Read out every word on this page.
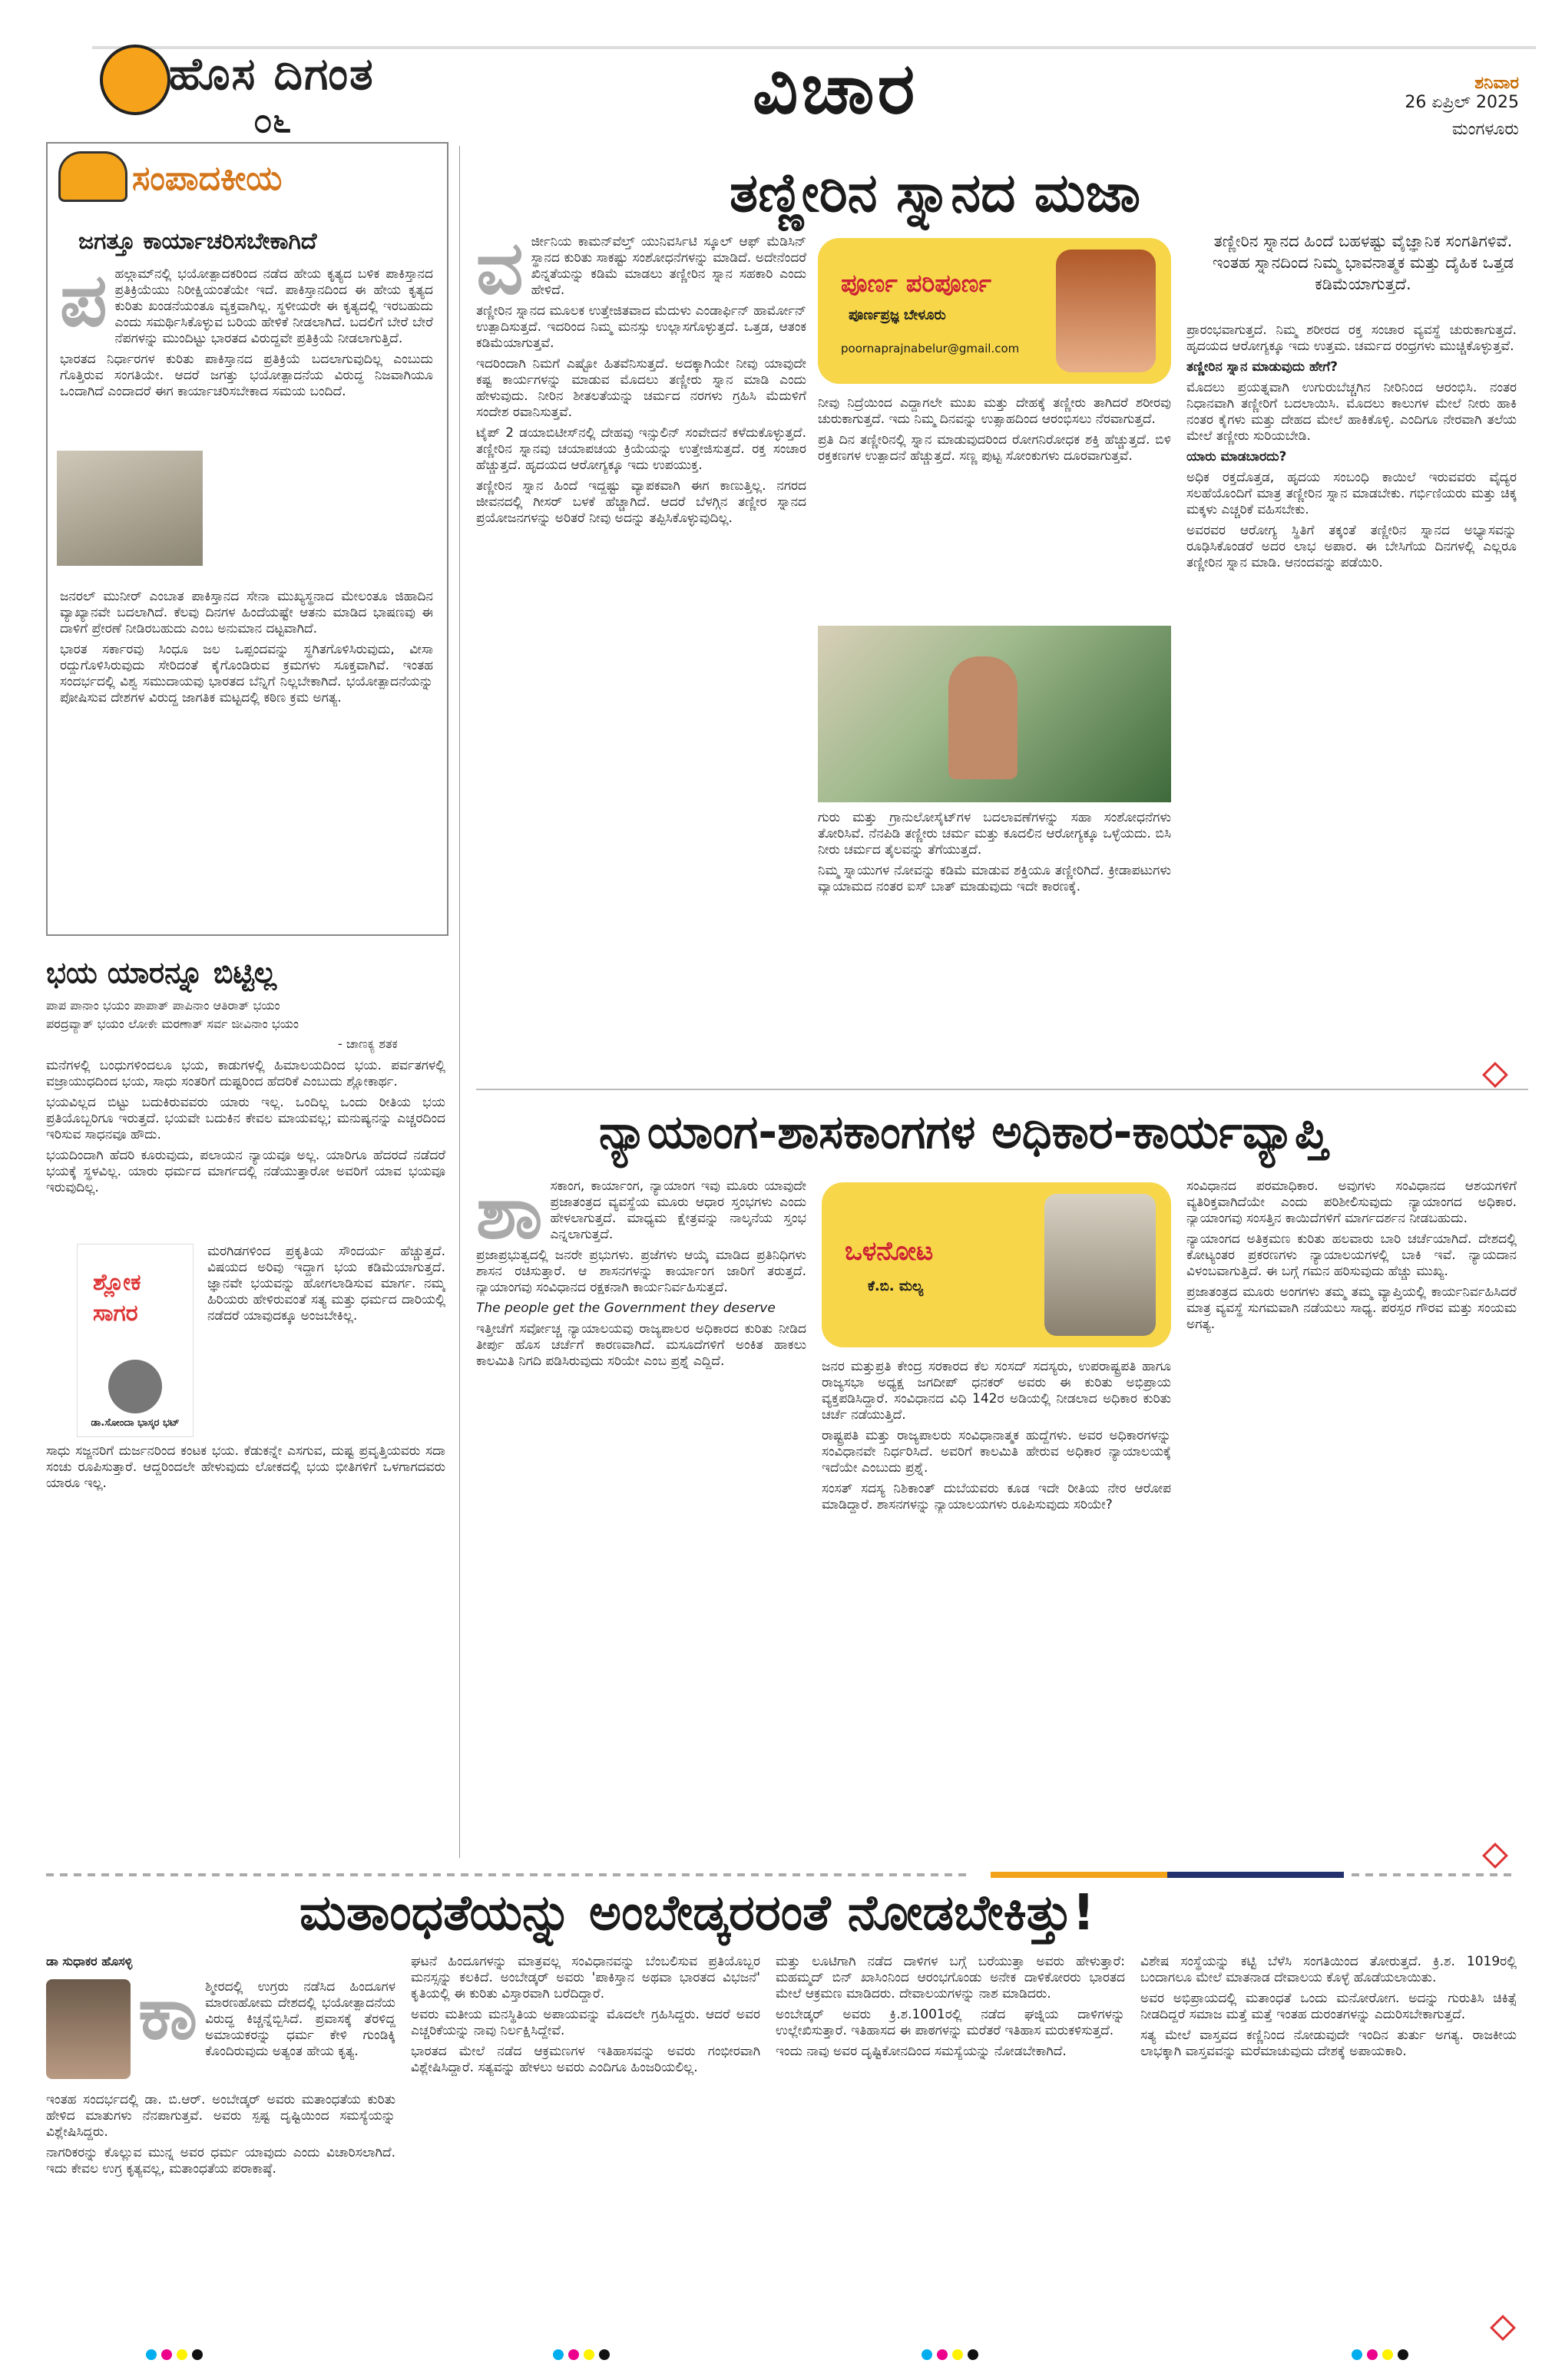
ಹೊಸ ದಿಗಂತ
೦೬	ವಿಚಾರ	ಶನಿವಾರ
26 ಏಪ್ರಿಲ್ 2025
ಮಂಗಳೂರು
ಸಂಪಾದಕೀಯ
ಜಗತ್ತೂ ಕಾರ್ಯಾಚರಿಸಬೇಕಾಗಿದೆ
ಪ ಹಲ್ಗಾಮ್‌ನಲ್ಲಿ ಭಯೋತ್ಪಾದಕರಿಂದ ನಡೆದ ಹೇಯ ಕೃತ್ಯದ ಬಳಿಕ ಪಾಕಿಸ್ತಾನದ ಪ್ರತಿಕ್ರಿಯೆಯು ನಿರೀಕ್ಷಿಯಂತೆಯೇ ಇದೆ. ಪಾಕಿಸ್ತಾನದಿಂದ ಈ ಹೇಯ ಕೃತ್ಯದ ಕುರಿತು ಖಂಡನೆಯಂತೂ ವ್ಯಕ್ತವಾಗಿಲ್ಲ. ಸ್ಥಳೀಯರೇ ಈ ಕೃತ್ಯದಲ್ಲಿ ಇರಬಹುದು ಎಂದು ಸಮರ್ಥಿಸಿಕೊಳ್ಳುವ ಬರಿಯ ಹೇಳಿಕೆ ನೀಡಲಾಗಿದೆ. ಬದಲಿಗೆ ಬೇರೆ ಬೇರೆ ನೆಪಗಳನ್ನು ಮುಂದಿಟ್ಟು ಭಾರತದ ವಿರುದ್ಧವೇ ಪ್ರತಿಕ್ರಿಯೆ ನೀಡಲಾಗುತ್ತಿದೆ.

ಭಾರತದ ನಿರ್ಧಾರಗಳ ಕುರಿತು ಪಾಕಿಸ್ತಾನದ ಪ್ರತಿಕ್ರಿಯೆ ಬದಲಾಗುವುದಿಲ್ಲ ಎಂಬುದು ಗೊತ್ತಿರುವ ಸಂಗತಿಯೇ. ಆದರೆ ಜಗತ್ತು ಭಯೋತ್ಪಾದನೆಯ ವಿರುದ್ಧ ನಿಜವಾಗಿಯೂ ಒಂದಾಗಿದೆ ಎಂದಾದರೆ ಈಗ ಕಾರ್ಯಾಚರಿಸಬೇಕಾದ ಸಮಯ ಬಂದಿದೆ.

ಜನರಲ್ ಮುನೀರ್ ಎಂಬಾತ ಪಾಕಿಸ್ತಾನದ ಸೇನಾ ಮುಖ್ಯಸ್ಥನಾದ ಮೇಲಂತೂ ಜಿಹಾದಿನ ವ್ಯಾಖ್ಯಾನವೇ ಬದಲಾಗಿದೆ. ಕೆಲವು ದಿನಗಳ ಹಿಂದೆಯಷ್ಟೇ ಆತನು ಮಾಡಿದ ಭಾಷಣವು ಈ ದಾಳಿಗೆ ಪ್ರೇರಣೆ ನೀಡಿರಬಹುದು ಎಂಬ ಅನುಮಾನ ದಟ್ಟವಾಗಿದೆ.

ಭಾರತ ಸರ್ಕಾರವು ಸಿಂಧೂ ಜಲ ಒಪ್ಪಂದವನ್ನು ಸ್ಥಗಿತಗೊಳಿಸಿರುವುದು, ವೀಸಾ ರದ್ದುಗೊಳಿಸಿರುವುದು ಸೇರಿದಂತೆ ಕೈಗೊಂಡಿರುವ ಕ್ರಮಗಳು ಸೂಕ್ತವಾಗಿವೆ. ಇಂತಹ ಸಂದರ್ಭದಲ್ಲಿ ವಿಶ್ವ ಸಮುದಾಯವು ಭಾರತದ ಬೆನ್ನಿಗೆ ನಿಲ್ಲಬೇಕಾಗಿದೆ. ಭಯೋತ್ಪಾದನೆಯನ್ನು ಪೋಷಿಸುವ ದೇಶಗಳ ವಿರುದ್ಧ ಜಾಗತಿಕ ಮಟ್ಟದಲ್ಲಿ ಕಠಿಣ ಕ್ರಮ ಅಗತ್ಯ.

ಭಯ ಯಾರನ್ನೂ ಬಿಟ್ಟಿಲ್ಲ
ಪಾಪ ಪಾನಾಂ ಭಯಂ ಪಾಪಾತ್ ಪಾಪಿನಾಂ ಆತಿರಾತ್ ಭಯಂ
ಪರದ್ರವ್ಯಾತ್ ಭಯಂ ಲೋಕೇ ಮರಣಾತ್ ಸರ್ವ ಜೀವಿನಾಂ ಭಯಂ
- ಚಾಣಕ್ಯ ಶತಕ

ಮನೆಗಳಲ್ಲಿ ಬಂಧುಗಳಿಂದಲೂ ಭಯ, ಕಾಡುಗಳಲ್ಲಿ ಹಿಮಾಲಯದಿಂದ ಭಯ. ಪರ್ವತಗಳಲ್ಲಿ ವಜ್ರಾಯುಧದಿಂದ ಭಯ, ಸಾಧು ಸಂತರಿಗೆ ದುಷ್ಟರಿಂದ ಹೆದರಿಕೆ ಎಂಬುದು ಶ್ಲೋಕಾರ್ಥ.

ಭಯವಿಲ್ಲದ ಬಿಟ್ಟು ಬದುಕಿರುವವರು ಯಾರು ಇಲ್ಲ. ಒಂದಿಲ್ಲ ಒಂದು ರೀತಿಯ ಭಯ ಪ್ರತಿಯೊಬ್ಬರಿಗೂ ಇರುತ್ತದೆ. ಭಯವೇ ಬದುಕಿನ ಕೇವಲ ಮಾಯವಲ್ಲ; ಮನುಷ್ಯನನ್ನು ಎಚ್ಚರದಿಂದ ಇರಿಸುವ ಸಾಧನವೂ ಹೌದು.

ಭಯದಿಂದಾಗಿ ಹೆದರಿ ಕೂರುವುದು, ಪಲಾಯನ ನ್ಯಾಯವೂ ಅಲ್ಲ. ಯಾರಿಗೂ ಹೆದರದೆ ನಡೆದರೆ ಭಯಕ್ಕೆ ಸ್ಥಳವಿಲ್ಲ. ಯಾರು ಧರ್ಮದ ಮಾರ್ಗದಲ್ಲಿ ನಡೆಯುತ್ತಾರೋ ಅವರಿಗೆ ಯಾವ ಭಯವೂ ಇರುವುದಿಲ್ಲ.

ಶ್ಲೋಕ ಸಾಗರ
ಡಾ.ಸೋಂದಾ ಭಾಸ್ಕರ ಭಟ್

ಮರಗಿಡಗಳಿಂದ ಪ್ರಕೃತಿಯ ಸೌಂದರ್ಯ ಹೆಚ್ಚುತ್ತದೆ. ವಿಷಯದ ಅರಿವು ಇದ್ದಾಗ ಭಯ ಕಡಿಮೆಯಾಗುತ್ತದೆ. ಜ್ಞಾನವೇ ಭಯವನ್ನು ಹೋಗಲಾಡಿಸುವ ಮಾರ್ಗ. ನಮ್ಮ ಹಿರಿಯರು ಹೇಳಿರುವಂತೆ ಸತ್ಯ ಮತ್ತು ಧರ್ಮದ ದಾರಿಯಲ್ಲಿ ನಡೆದರೆ ಯಾವುದಕ್ಕೂ ಅಂಜಬೇಕಿಲ್ಲ.

ಸಾಧು ಸಜ್ಜನರಿಗೆ ದುರ್ಜನರಿಂದ ಕಂಟಕ ಭಯ. ಕೆಡುಕನ್ನೇ ಎಸಗುವ, ದುಷ್ಟ ಪ್ರವೃತ್ತಿಯವರು ಸದಾ ಸಂಚು ರೂಪಿಸುತ್ತಾರೆ. ಆದ್ದರಿಂದಲೇ ಹೇಳುವುದು ಲೋಕದಲ್ಲಿ ಭಯ ಭೀತಿಗಳಿಗೆ ಒಳಗಾಗದವರು ಯಾರೂ ಇಲ್ಲ.

ತಣ್ಣೀರಿನ ಸ್ನಾನದ ಮಜಾ
ವ ರ್ಜೀನಿಯ ಕಾಮನ್‌ವೆಲ್ತ್ ಯುನಿವರ್ಸಿಟಿ ಸ್ಕೂಲ್ ಆಫ್ ಮೆಡಿಸಿನ್ ಸ್ಥಾನದ ಕುರಿತು ಸಾಕಷ್ಟು ಸಂಶೋಧನೆಗಳನ್ನು ಮಾಡಿದೆ. ಅದೇನೆಂದರೆ ಖಿನ್ನತೆಯನ್ನು ಕಡಿಮೆ ಮಾಡಲು ತಣ್ಣೀರಿನ ಸ್ನಾನ ಸಹಕಾರಿ ಎಂದು ಹೇಳಿದೆ.

ತಣ್ಣೀರಿನ ಸ್ನಾನದ ಮೂಲಕ ಉತ್ತೇಜಿತವಾದ ಮೆದುಳು ಎಂಡಾರ್ಫಿನ್ ಹಾರ್ಮೋನ್ ಉತ್ಪಾದಿಸುತ್ತದೆ. ಇದರಿಂದ ನಿಮ್ಮ ಮನಸ್ಸು ಉಲ್ಲಾಸಗೊಳ್ಳುತ್ತದೆ. ಒತ್ತಡ, ಆತಂಕ ಕಡಿಮೆಯಾಗುತ್ತವೆ.

ಇದರಿಂದಾಗಿ ನಿಮಗೆ ಎಷ್ಟೋ ಹಿತವೆನಿಸುತ್ತದೆ. ಅದಕ್ಕಾಗಿಯೇ ನೀವು ಯಾವುದೇ ಕಷ್ಟ ಕಾರ್ಯಗಳನ್ನು ಮಾಡುವ ಮೊದಲು ತಣ್ಣೀರು ಸ್ನಾನ ಮಾಡಿ ಎಂದು ಹೇಳುವುದು. ನೀರಿನ ಶೀತಲತೆಯನ್ನು ಚರ್ಮದ ನರಗಳು ಗ್ರಹಿಸಿ ಮೆದುಳಿಗೆ ಸಂದೇಶ ರವಾನಿಸುತ್ತವೆ.

ಟೈಪ್ 2 ಡಯಾಬಿಟೀಸ್‌ನಲ್ಲಿ ದೇಹವು ಇನ್ಸುಲಿನ್ ಸಂವೇದನೆ ಕಳೆದುಕೊಳ್ಳುತ್ತದೆ. ತಣ್ಣೀರಿನ ಸ್ನಾನವು ಚಯಾಪಚಯ ಕ್ರಿಯೆಯನ್ನು ಉತ್ತೇಜಿಸುತ್ತದೆ. ರಕ್ತ ಸಂಚಾರ ಹೆಚ್ಚುತ್ತದೆ. ಹೃದಯದ ಆರೋಗ್ಯಕ್ಕೂ ಇದು ಉಪಯುಕ್ತ.

ತಣ್ಣೀರಿನ ಸ್ನಾನ ಹಿಂದೆ ಇದ್ದಷ್ಟು ವ್ಯಾಪಕವಾಗಿ ಈಗ ಕಾಣುತ್ತಿಲ್ಲ. ನಗರದ ಜೀವನದಲ್ಲಿ ಗೀಸರ್ ಬಳಕೆ ಹೆಚ್ಚಾಗಿದೆ. ಆದರೆ ಬೆಳಗ್ಗಿನ ತಣ್ಣೀರ ಸ್ನಾನದ ಪ್ರಯೋಜನಗಳನ್ನು ಅರಿತರೆ ನೀವು ಅದನ್ನು ತಪ್ಪಿಸಿಕೊಳ್ಳುವುದಿಲ್ಲ.

ಪೂರ್ಣ ಪರಿಪೂರ್ಣ
ಪೂರ್ಣಪ್ರಜ್ಞ ಬೇಳೂರು
poornaprajnabelur@gmail.com
ತಣ್ಣೀರಿನ ಸ್ನಾನದ ಹಿಂದೆ ಬಹಳಷ್ಟು ವೈಜ್ಞಾನಿಕ ಸಂಗತಿಗಳಿವೆ. ಇಂತಹ ಸ್ನಾನದಿಂದ ನಿಮ್ಮ ಭಾವನಾತ್ಮಕ ಮತ್ತು ದೈಹಿಕ ಒತ್ತಡ ಕಡಿಮೆಯಾಗುತ್ತದೆ.

ನೀವು ನಿದ್ರೆಯಿಂದ ಎದ್ದಾಗಲೇ ಮುಖ ಮತ್ತು ದೇಹಕ್ಕೆ ತಣ್ಣೀರು ತಾಗಿದರೆ ಶರೀರವು ಚುರುಕಾಗುತ್ತದೆ. ಇದು ನಿಮ್ಮ ದಿನವನ್ನು ಉತ್ಸಾಹದಿಂದ ಆರಂಭಿಸಲು ನೆರವಾಗುತ್ತದೆ.

ಪ್ರತಿ ದಿನ ತಣ್ಣೀರಿನಲ್ಲಿ ಸ್ನಾನ ಮಾಡುವುದರಿಂದ ರೋಗನಿರೋಧಕ ಶಕ್ತಿ ಹೆಚ್ಚುತ್ತದೆ. ಬಿಳಿ ರಕ್ತಕಣಗಳ ಉತ್ಪಾದನೆ ಹೆಚ್ಚುತ್ತದೆ. ಸಣ್ಣ ಪುಟ್ಟ ಸೋಂಕುಗಳು ದೂರವಾಗುತ್ತವೆ.

ಗುರು ಮತ್ತು ಗ್ರಾನುಲೋಸೈಟ್‌ಗಳ ಬದಲಾವಣೆಗಳನ್ನು ಸಹಾ ಸಂಶೋಧನೆಗಳು ತೋರಿಸಿವೆ. ನೆನಪಿಡಿ ತಣ್ಣೀರು ಚರ್ಮ ಮತ್ತು ಕೂದಲಿನ ಆರೋಗ್ಯಕ್ಕೂ ಒಳ್ಳೆಯದು. ಬಿಸಿ ನೀರು ಚರ್ಮದ ತೈಲವನ್ನು ತೆಗೆಯುತ್ತದೆ.

ನಿಮ್ಮ ಸ್ನಾಯುಗಳ ನೋವನ್ನು ಕಡಿಮೆ ಮಾಡುವ ಶಕ್ತಿಯೂ ತಣ್ಣೀರಿಗಿದೆ. ಕ್ರೀಡಾಪಟುಗಳು ವ್ಯಾಯಾಮದ ನಂತರ ಐಸ್ ಬಾತ್ ಮಾಡುವುದು ಇದೇ ಕಾರಣಕ್ಕೆ.

ಪ್ರಾರಂಭವಾಗುತ್ತದೆ. ನಿಮ್ಮ ಶರೀರದ ರಕ್ತ ಸಂಚಾರ ವ್ಯವಸ್ಥೆ ಚುರುಕಾಗುತ್ತದೆ. ಹೃದಯದ ಆರೋಗ್ಯಕ್ಕೂ ಇದು ಉತ್ತಮ. ಚರ್ಮದ ರಂಧ್ರಗಳು ಮುಚ್ಚಿಕೊಳ್ಳುತ್ತವೆ.

ತಣ್ಣೀರಿನ ಸ್ನಾನ ಮಾಡುವುದು ಹೇಗೆ?

ಮೊದಲು ಪ್ರಯತ್ನವಾಗಿ ಉಗುರುಬೆಚ್ಚಗಿನ ನೀರಿನಿಂದ ಆರಂಭಿಸಿ. ನಂತರ ನಿಧಾನವಾಗಿ ತಣ್ಣೀರಿಗೆ ಬದಲಾಯಿಸಿ. ಮೊದಲು ಕಾಲುಗಳ ಮೇಲೆ ನೀರು ಹಾಕಿ ನಂತರ ಕೈಗಳು ಮತ್ತು ದೇಹದ ಮೇಲೆ ಹಾಕಿಕೊಳ್ಳಿ. ಎಂದಿಗೂ ನೇರವಾಗಿ ತಲೆಯ ಮೇಲೆ ತಣ್ಣೀರು ಸುರಿಯಬೇಡಿ.

ಯಾರು ಮಾಡಬಾರದು?

ಅಧಿಕ ರಕ್ತದೊತ್ತಡ, ಹೃದಯ ಸಂಬಂಧಿ ಕಾಯಿಲೆ ಇರುವವರು ವೈದ್ಯರ ಸಲಹೆಯೊಂದಿಗೆ ಮಾತ್ರ ತಣ್ಣೀರಿನ ಸ್ನಾನ ಮಾಡಬೇಕು. ಗರ್ಭಿಣಿಯರು ಮತ್ತು ಚಿಕ್ಕ ಮಕ್ಕಳು ಎಚ್ಚರಿಕೆ ವಹಿಸಬೇಕು.

ಅವರವರ ಆರೋಗ್ಯ ಸ್ಥಿತಿಗೆ ತಕ್ಕಂತೆ ತಣ್ಣೀರಿನ ಸ್ನಾನದ ಅಭ್ಯಾಸವನ್ನು ರೂಢಿಸಿಕೊಂಡರೆ ಅದರ ಲಾಭ ಅಪಾರ. ಈ ಬೇಸಿಗೆಯ ದಿನಗಳಲ್ಲಿ ಎಲ್ಲರೂ ತಣ್ಣೀರಿನ ಸ್ನಾನ ಮಾಡಿ. ಆನಂದವನ್ನು ಪಡೆಯಿರಿ.

ನ್ಯಾಯಾಂಗ-ಶಾಸಕಾಂಗಗಳ ಅಧಿಕಾರ-ಕಾರ್ಯವ್ಯಾಪ್ತಿ
ಶಾ ಸಕಾಂಗ, ಕಾರ್ಯಾಂಗ, ನ್ಯಾಯಾಂಗ ಇವು ಮೂರು ಯಾವುದೇ ಪ್ರಜಾತಂತ್ರದ ವ್ಯವಸ್ಥೆಯ ಮೂರು ಆಧಾರ ಸ್ತಂಭಗಳು ಎಂದು ಹೇಳಲಾಗುತ್ತದೆ. ಮಾಧ್ಯಮ ಕ್ಷೇತ್ರವನ್ನು ನಾಲ್ಕನೆಯ ಸ್ತಂಭ ಎನ್ನಲಾಗುತ್ತದೆ.

ಪ್ರಜಾಪ್ರಭುತ್ವದಲ್ಲಿ ಜನರೇ ಪ್ರಭುಗಳು. ಪ್ರಜೆಗಳು ಆಯ್ಕೆ ಮಾಡಿದ ಪ್ರತಿನಿಧಿಗಳು ಶಾಸನ ರಚಿಸುತ್ತಾರೆ. ಆ ಶಾಸನಗಳನ್ನು ಕಾರ್ಯಾಂಗ ಜಾರಿಗೆ ತರುತ್ತದೆ. ನ್ಯಾಯಾಂಗವು ಸಂವಿಧಾನದ ರಕ್ಷಕನಾಗಿ ಕಾರ್ಯನಿರ್ವಹಿಸುತ್ತದೆ.

The people get the Government they deserve

ಇತ್ತೀಚೆಗೆ ಸರ್ವೋಚ್ಚ ನ್ಯಾಯಾಲಯವು ರಾಜ್ಯಪಾಲರ ಅಧಿಕಾರದ ಕುರಿತು ನೀಡಿದ ತೀರ್ಪು ಹೊಸ ಚರ್ಚೆಗೆ ಕಾರಣವಾಗಿದೆ. ಮಸೂದೆಗಳಿಗೆ ಅಂಕಿತ ಹಾಕಲು ಕಾಲಮಿತಿ ನಿಗದಿ ಪಡಿಸಿರುವುದು ಸರಿಯೇ ಎಂಬ ಪ್ರಶ್ನೆ ಎದ್ದಿದೆ.

ಒಳನೋಟ
ಕೆ.ಬಿ. ಮಲ್ಯ

ಜನರ ಮತ್ತುಪ್ರತಿ ಕೇಂದ್ರ ಸರಕಾರದ ಕೆಲ ಸಂಸದ್ ಸದಸ್ಯರು, ಉಪರಾಷ್ಟ್ರಪತಿ ಹಾಗೂ ರಾಜ್ಯಸಭಾ ಅಧ್ಯಕ್ಷ ಜಗದೀಪ್ ಧನಕರ್ ಅವರು ಈ ಕುರಿತು ಅಭಿಪ್ರಾಯ ವ್ಯಕ್ತಪಡಿಸಿದ್ದಾರೆ. ಸಂವಿಧಾನದ ವಿಧಿ 142ರ ಅಡಿಯಲ್ಲಿ ನೀಡಲಾದ ಅಧಿಕಾರ ಕುರಿತು ಚರ್ಚೆ ನಡೆಯುತ್ತಿದೆ.

ರಾಷ್ಟ್ರಪತಿ ಮತ್ತು ರಾಜ್ಯಪಾಲರು ಸಂವಿಧಾನಾತ್ಮಕ ಹುದ್ದೆಗಳು. ಅವರ ಅಧಿಕಾರಗಳನ್ನು ಸಂವಿಧಾನವೇ ನಿರ್ಧರಿಸಿದೆ. ಅವರಿಗೆ ಕಾಲಮಿತಿ ಹೇರುವ ಅಧಿಕಾರ ನ್ಯಾಯಾಲಯಕ್ಕೆ ಇದೆಯೇ ಎಂಬುದು ಪ್ರಶ್ನೆ.

ಸಂಸತ್ ಸದಸ್ಯ ನಿಶಿಕಾಂತ್ ದುಬೆಯವರು ಕೂಡ ಇದೇ ರೀತಿಯ ನೇರ ಆರೋಪ ಮಾಡಿದ್ದಾರೆ. ಶಾಸನಗಳನ್ನು ನ್ಯಾಯಾಲಯಗಳು ರೂಪಿಸುವುದು ಸರಿಯೇ?

ಸಂವಿಧಾನದ ಪರಮಾಧಿಕಾರ. ಅವುಗಳು ಸಂವಿಧಾನದ ಆಶಯಗಳಿಗೆ ವ್ಯತಿರಿಕ್ತವಾಗಿದೆಯೇ ಎಂದು ಪರಿಶೀಲಿಸುವುದು ನ್ಯಾಯಾಂಗದ ಅಧಿಕಾರ. ನ್ಯಾಯಾಂಗವು ಸಂಸತ್ತಿನ ಕಾಯಿದೆಗಳಿಗೆ ಮಾರ್ಗದರ್ಶನ ನೀಡಬಹುದು.

ನ್ಯಾಯಾಂಗದ ಅತಿಕ್ರಮಣ ಕುರಿತು ಹಲವಾರು ಬಾರಿ ಚರ್ಚೆಯಾಗಿದೆ. ದೇಶದಲ್ಲಿ ಕೋಟ್ಯಂತರ ಪ್ರಕರಣಗಳು ನ್ಯಾಯಾಲಯಗಳಲ್ಲಿ ಬಾಕಿ ಇವೆ. ನ್ಯಾಯದಾನ ವಿಳಂಬವಾಗುತ್ತಿದೆ. ಈ ಬಗ್ಗೆ ಗಮನ ಹರಿಸುವುದು ಹೆಚ್ಚು ಮುಖ್ಯ.

ಪ್ರಜಾತಂತ್ರದ ಮೂರು ಅಂಗಗಳು ತಮ್ಮ ತಮ್ಮ ವ್ಯಾಪ್ತಿಯಲ್ಲಿ ಕಾರ್ಯನಿರ್ವಹಿಸಿದರೆ ಮಾತ್ರ ವ್ಯವಸ್ಥೆ ಸುಗಮವಾಗಿ ನಡೆಯಲು ಸಾಧ್ಯ. ಪರಸ್ಪರ ಗೌರವ ಮತ್ತು ಸಂಯಮ ಅಗತ್ಯ.

ಮತಾಂಧತೆಯನ್ನು ಅಂಬೇಡ್ಕರರಂತೆ ನೋಡಬೇಕಿತ್ತು!
ಡಾ ಸುಧಾಕರ ಹೊಸಳ್ಳಿ
ಕಾ ಶ್ಮೀರದಲ್ಲಿ ಉಗ್ರರು ನಡೆಸಿದ ಹಿಂದೂಗಳ ಮಾರಣಹೋಮ ದೇಶದಲ್ಲಿ ಭಯೋತ್ಪಾದನೆಯ ವಿರುದ್ಧ ಕಿಚ್ಚನ್ನೆಬ್ಬಿಸಿದೆ. ಪ್ರವಾಸಕ್ಕೆ ತೆರಳಿದ್ದ ಅಮಾಯಕರನ್ನು ಧರ್ಮ ಕೇಳಿ ಗುಂಡಿಕ್ಕಿ ಕೊಂದಿರುವುದು ಅತ್ಯಂತ ಹೇಯ ಕೃತ್ಯ.

ಇಂತಹ ಸಂದರ್ಭದಲ್ಲಿ ಡಾ. ಬಿ.ಆರ್. ಅಂಬೇಡ್ಕರ್ ಅವರು ಮತಾಂಧತೆಯ ಕುರಿತು ಹೇಳಿದ ಮಾತುಗಳು ನೆನಪಾಗುತ್ತವೆ. ಅವರು ಸ್ಪಷ್ಟ ದೃಷ್ಟಿಯಿಂದ ಸಮಸ್ಯೆಯನ್ನು ವಿಶ್ಲೇಷಿಸಿದ್ದರು.

ನಾಗರಿಕರನ್ನು ಕೊಲ್ಲುವ ಮುನ್ನ ಅವರ ಧರ್ಮ ಯಾವುದು ಎಂದು ವಿಚಾರಿಸಲಾಗಿದೆ. ಇದು ಕೇವಲ ಉಗ್ರ ಕೃತ್ಯವಲ್ಲ, ಮತಾಂಧತೆಯ ಪರಾಕಾಷ್ಠೆ.

ಘಟನೆ ಹಿಂದೂಗಳನ್ನು ಮಾತ್ರವಲ್ಲ ಸಂವಿಧಾನವನ್ನು ಬೆಂಬಲಿಸುವ ಪ್ರತಿಯೊಬ್ಬರ ಮನಸ್ಸನ್ನು ಕಲಕಿದೆ. ಅಂಬೇಡ್ಕರ್ ಅವರು 'ಪಾಕಿಸ್ತಾನ ಅಥವಾ ಭಾರತದ ವಿಭಜನೆ' ಕೃತಿಯಲ್ಲಿ ಈ ಕುರಿತು ವಿಸ್ತಾರವಾಗಿ ಬರೆದಿದ್ದಾರೆ.

ಅವರು ಮತೀಯ ಮನಸ್ಥಿತಿಯ ಅಪಾಯವನ್ನು ಮೊದಲೇ ಗ್ರಹಿಸಿದ್ದರು. ಆದರೆ ಅವರ ಎಚ್ಚರಿಕೆಯನ್ನು ನಾವು ನಿರ್ಲಕ್ಷಿಸಿದ್ದೇವೆ.

ಭಾರತದ ಮೇಲೆ ನಡೆದ ಆಕ್ರಮಣಗಳ ಇತಿಹಾಸವನ್ನು ಅವರು ಗಂಭೀರವಾಗಿ ವಿಶ್ಲೇಷಿಸಿದ್ದಾರೆ. ಸತ್ಯವನ್ನು ಹೇಳಲು ಅವರು ಎಂದಿಗೂ ಹಿಂಜರಿಯಲಿಲ್ಲ.

ಮತ್ತು ಲೂಟಿಗಾಗಿ ನಡೆದ ದಾಳಿಗಳ ಬಗ್ಗೆ ಬರೆಯುತ್ತಾ ಅವರು ಹೇಳುತ್ತಾರೆ: ಮಹಮ್ಮದ್ ಬಿನ್ ಖಾಸಿಂನಿಂದ ಆರಂಭಗೊಂಡು ಅನೇಕ ದಾಳಿಕೋರರು ಭಾರತದ ಮೇಲೆ ಆಕ್ರಮಣ ಮಾಡಿದರು. ದೇವಾಲಯಗಳನ್ನು ನಾಶ ಮಾಡಿದರು.

ಅಂಬೇಡ್ಕರ್ ಅವರು ಕ್ರಿ.ಶ.1001ರಲ್ಲಿ ನಡೆದ ಘಜ್ನಿಯ ದಾಳಿಗಳನ್ನು ಉಲ್ಲೇಖಿಸುತ್ತಾರೆ. ಇತಿಹಾಸದ ಈ ಪಾಠಗಳನ್ನು ಮರೆತರೆ ಇತಿಹಾಸ ಮರುಕಳಿಸುತ್ತದೆ.

ಇಂದು ನಾವು ಅವರ ದೃಷ್ಟಿಕೋನದಿಂದ ಸಮಸ್ಯೆಯನ್ನು ನೋಡಬೇಕಾಗಿದೆ.

ವಿಶೇಷ ಸಂಸ್ಥೆಯನ್ನು ಕಟ್ಟಿ ಬೆಳೆಸಿ ಸಂಗತಿಯಿಂದ ತೋರುತ್ತದೆ. ಕ್ರಿ.ಶ. 1019ರಲ್ಲಿ ಬಂದಾಗಲೂ ಮೇಲೆ ಮಾತನಾಡ ದೇವಾಲಯ ಕೊಳ್ಳೆ ಹೊಡೆಯಲಾಯಿತು.

ಅವರ ಅಭಿಪ್ರಾಯದಲ್ಲಿ ಮತಾಂಧತೆ ಒಂದು ಮನೋರೋಗ. ಅದನ್ನು ಗುರುತಿಸಿ ಚಿಕಿತ್ಸೆ ನೀಡದಿದ್ದರೆ ಸಮಾಜ ಮತ್ತೆ ಮತ್ತೆ ಇಂತಹ ದುರಂತಗಳನ್ನು ಎದುರಿಸಬೇಕಾಗುತ್ತದೆ.

ಸತ್ಯ ಮೇಲೆ ವಾಸ್ತವದ ಕಣ್ಣಿನಿಂದ ನೋಡುವುದೇ ಇಂದಿನ ತುರ್ತು ಅಗತ್ಯ. ರಾಜಕೀಯ ಲಾಭಕ್ಕಾಗಿ ವಾಸ್ತವವನ್ನು ಮರೆಮಾಚುವುದು ದೇಶಕ್ಕೆ ಅಪಾಯಕಾರಿ.
